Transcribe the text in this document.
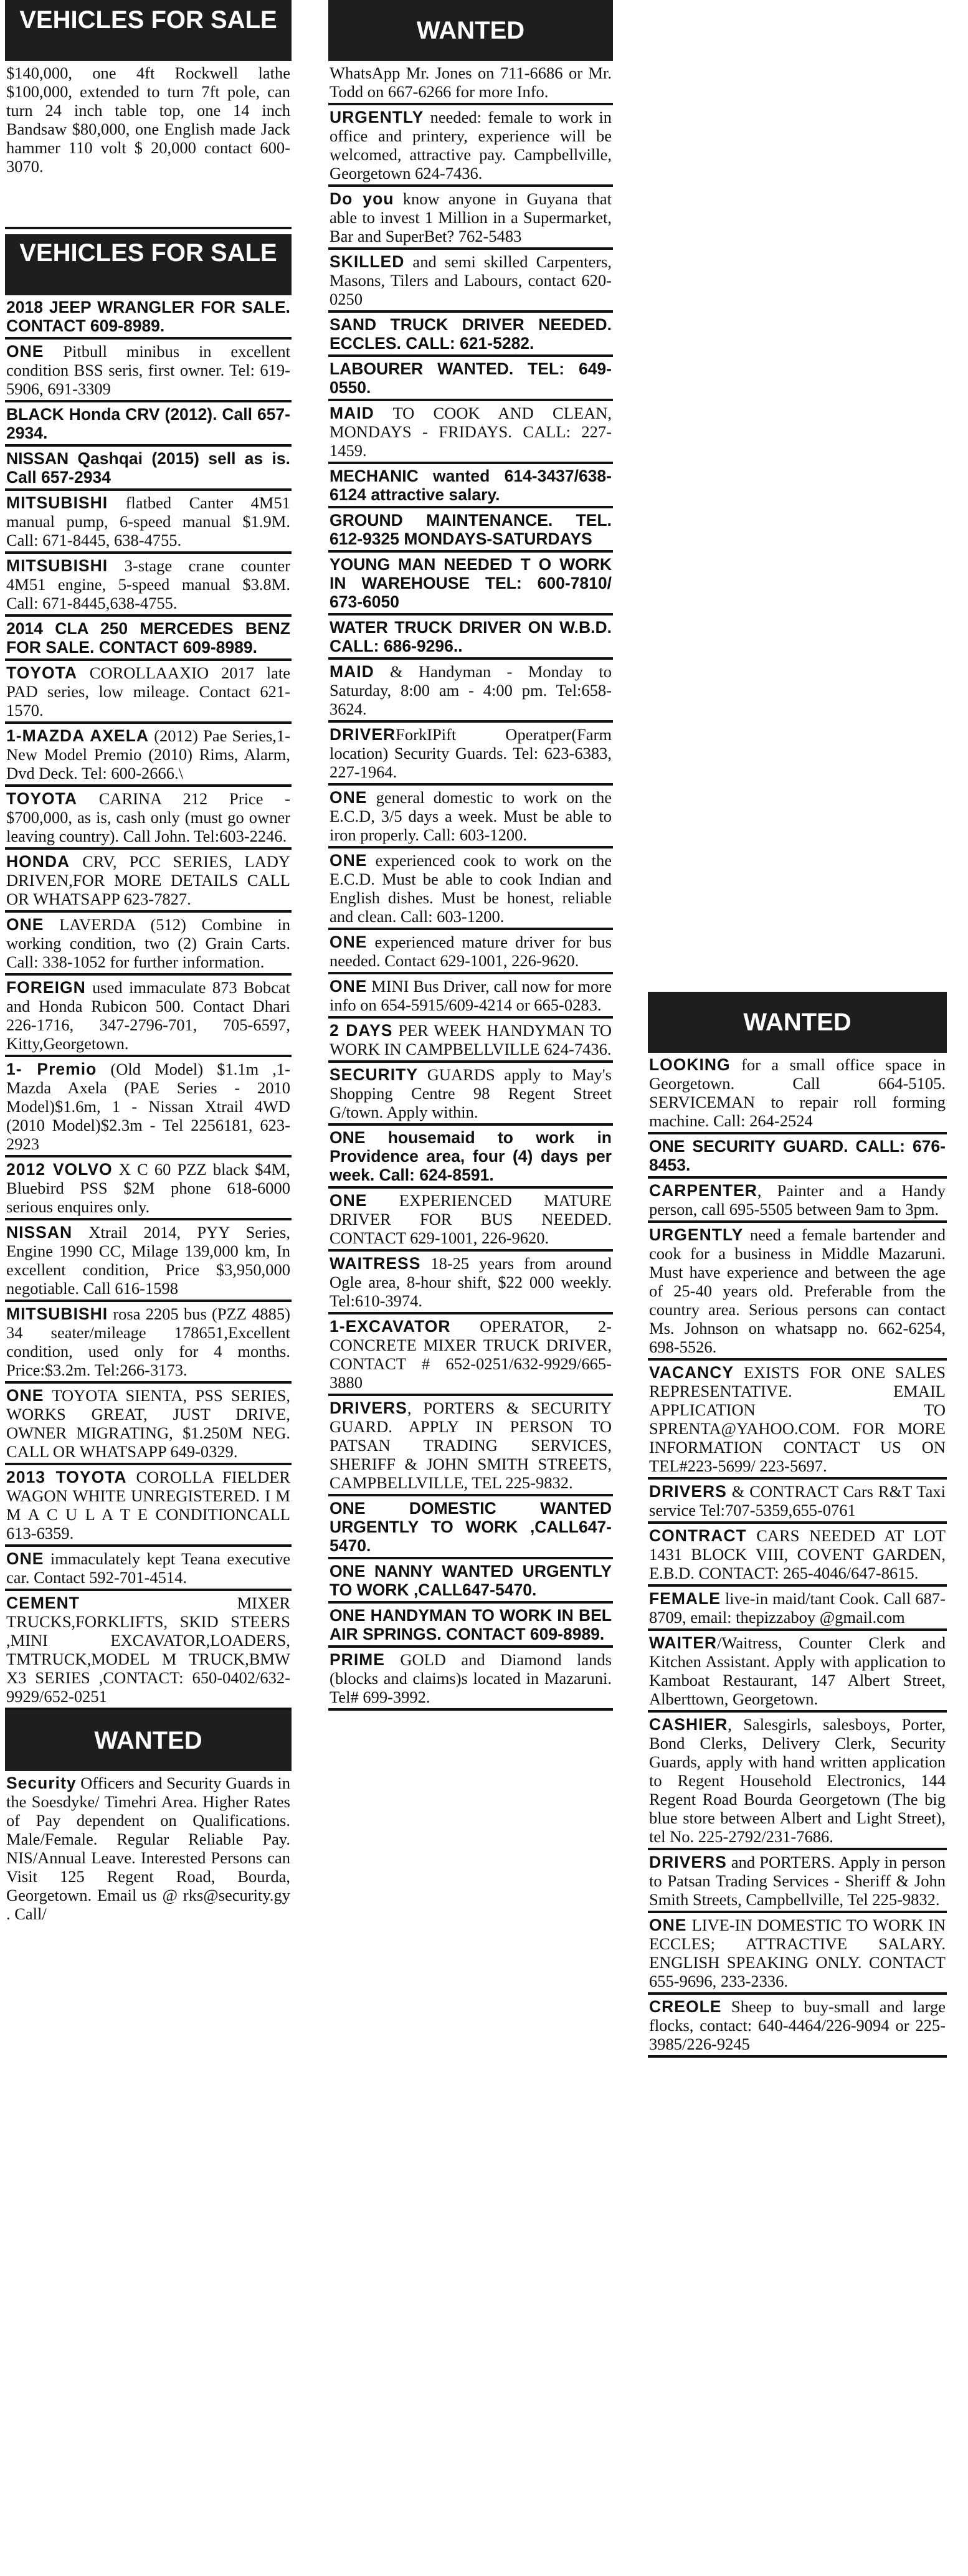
VEHICLES FOR SALE
$140,000, one 4ft Rockwell lathe $100,000, extended to turn 7ft pole, can turn 24 inch table top, one 14 inch Bandsaw $80,000, one English made Jack hammer 110 volt $ 20,000 contact 600-3070.
VEHICLES FOR SALE
2018 JEEP WRANGLER FOR SALE. CONTACT 609-8989.
ONE Pitbull minibus in excellent condition BSS seris, first owner. Tel: 619-5906, 691-3309
BLACK Honda CRV (2012). Call 657-2934.
NISSAN Qashqai (2015) sell as is. Call 657-2934
MITSUBISHI flatbed Canter 4M51 manual pump, 6-speed manual $1.9M. Call: 671-8445, 638-4755.
MITSUBISHI 3-stage crane counter 4M51 engine, 5-speed manual $3.8M. Call: 671-8445,638-4755.
2014 CLA 250 MERCEDES BENZ FOR SALE. CONTACT 609-8989.
TOYOTA COROLLAAXIO 2017 late PAD series, low mileage. Contact 621-1570.
1-MAZDA AXELA (2012) Pae Series,1- New Model Premio (2010) Rims, Alarm, Dvd Deck. Tel: 600-2666.\
TOYOTA CARINA 212 Price - $700,000, as is, cash only (must go owner leaving country). Call John. Tel:603-2246.
HONDA CRV, PCC SERIES, LADY DRIVEN,FOR MORE DETAILS CALL OR WHATSAPP 623-7827.
ONE LAVERDA (512) Combine in working condition, two (2) Grain Carts. Call: 338-1052 for further information.
FOREIGN used immaculate 873 Bobcat and Honda Rubicon 500. Contact Dhari 226-1716, 347-2796-701, 705-6597, Kitty,Georgetown.
1- Premio (Old Model) $1.1m ,1- Mazda Axela (PAE Series - 2010 Model)$1.6m, 1 - Nissan Xtrail 4WD (2010 Model)$2.3m - Tel 2256181, 623- 2923
2012 VOLVO X C 60 PZZ black $4M, Bluebird PSS $2M phone 618-6000 serious enquires only.
NISSAN Xtrail 2014, PYY Series, Engine 1990 CC, Milage 139,000 km, In excellent condition, Price $3,950,000 negotiable. Call 616-1598
MITSUBISHI rosa 2205 bus (PZZ 4885) 34 seater/mileage 178651,Excellent condition, used only for 4 months. Price:$3.2m. Tel:266-3173.
ONE TOYOTA SIENTA, PSS SERIES, WORKS GREAT, JUST DRIVE, OWNER MIGRATING, $1.250M NEG. CALL OR WHATSAPP 649-0329.
2013 TOYOTA COROLLA FIELDER WAGON WHITE UNREGISTERED. I M M A C U L A T E CONDITIONCALL 613-6359.
ONE immaculately kept Teana executive car. Contact 592-701-4514.
CEMENT MIXER TRUCKS,FORKLIFTS, SKID STEERS ,MINI EXCAVATOR,LOADERS, TMTRUCK,MODEL M TRUCK,BMW X3 SERIES ,CONTACT: 650-0402/632-9929/652-0251
WANTED
Security Officers and Security Guards in the Soesdyke/ Timehri Area. Higher Rates of Pay dependent on Qualifications. Male/Female. Regular Reliable Pay. NIS/Annual Leave. Interested Persons can Visit 125 Regent Road, Bourda, Georgetown. Email us @ rks@security.gy . Call/
WANTED
WhatsApp Mr. Jones on 711-6686 or Mr. Todd on 667-6266 for more Info.
URGENTLY needed: female to work in office and printery, experience will be welcomed, attractive pay. Campbellville, Georgetown 624-7436.
Do you know anyone in Guyana that able to invest 1 Million in a Supermarket, Bar and SuperBet? 762-5483
SKILLED and semi skilled Carpenters, Masons, Tilers and Labours, contact 620-0250
SAND TRUCK DRIVER NEEDED. ECCLES. CALL: 621-5282.
LABOURER WANTED. TEL: 649-0550.
MAID TO COOK AND CLEAN, MONDAYS - FRIDAYS. CALL: 227-1459.
MECHANIC wanted 614-3437/638-6124 attractive salary.
GROUND MAINTENANCE. TEL. 612-9325 MONDAYS-SATURDAYS
YOUNG MAN NEEDED T O WORK IN WAREHOUSE TEL: 600-7810/ 673-6050
WATER TRUCK DRIVER ON W.B.D. CALL: 686-9296..
MAID & Handyman - Monday to Saturday, 8:00 am - 4:00 pm. Tel:658-3624.
DRIVERForkIPift Operatper(Farm location) Security Guards. Tel: 623-6383, 227-1964.
ONE general domestic to work on the E.C.D, 3/5 days a week. Must be able to iron properly. Call: 603-1200.
ONE experienced cook to work on the E.C.D. Must be able to cook Indian and English dishes. Must be honest, reliable and clean. Call: 603-1200.
ONE experienced mature driver for bus needed. Contact 629-1001, 226-9620.
ONE MINI Bus Driver, call now for more info on 654-5915/609-4214 or 665-0283.
2 DAYS PER WEEK HANDYMAN TO WORK IN CAMPBELLVILLE 624-7436.
SECURITY GUARDS apply to May's Shopping Centre 98 Regent Street G/town. Apply within.
ONE housemaid to work in Providence area, four (4) days per week. Call: 624-8591.
ONE EXPERIENCED MATURE DRIVER FOR BUS NEEDED. CONTACT 629-1001, 226-9620.
WAITRESS 18-25 years from around Ogle area, 8-hour shift, $22 000 weekly. Tel:610-3974.
1-EXCAVATOR OPERATOR, 2- CONCRETE MIXER TRUCK DRIVER, CONTACT # 652-0251/632-9929/665-3880
DRIVERS, PORTERS & SECURITY GUARD. APPLY IN PERSON TO PATSAN TRADING SERVICES, SHERIFF & JOHN SMITH STREETS, CAMPBELLVILLE, TEL 225-9832.
ONE DOMESTIC WANTED URGENTLY TO WORK ,CALL647-5470.
ONE NANNY WANTED URGENTLY TO WORK ,CALL647-5470.
ONE HANDYMAN TO WORK IN BEL AIR SPRINGS. CONTACT 609-8989.
PRIME GOLD and Diamond lands (blocks and claims)s located in Mazaruni. Tel# 699-3992.
WANTED
LOOKING for a small office space in Georgetown. Call 664-5105. SERVICEMAN to repair roll forming machine. Call: 264-2524
ONE SECURITY GUARD. CALL: 676-8453.
CARPENTER, Painter and a Handy person, call 695-5505 between 9am to 3pm.
URGENTLY need a female bartender and cook for a business in Middle Mazaruni. Must have experience and between the age of 25-40 years old. Preferable from the country area. Serious persons can contact Ms. Johnson on whatsapp no. 662-6254, 698-5526.
VACANCY EXISTS FOR ONE SALES REPRESENTATIVE. EMAIL APPLICATION TO SPRENTA@YAHOO.COM. FOR MORE INFORMATION CONTACT US ON TEL#223-5699/ 223-5697.
DRIVERS & CONTRACT Cars R&T Taxi service Tel:707-5359,655-0761
CONTRACT CARS NEEDED AT LOT 1431 BLOCK VIII, COVENT GARDEN, E.B.D. CONTACT: 265-4046/647-8615.
FEMALE live-in maid/tant Cook. Call 687-8709, email: thepizzaboy @gmail.com
WAITER/Waitress, Counter Clerk and Kitchen Assistant. Apply with application to Kamboat Restaurant, 147 Albert Street, Alberttown, Georgetown.
CASHIER, Salesgirls, salesboys, Porter, Bond Clerks, Delivery Clerk, Security Guards, apply with hand written application to Regent Household Electronics, 144 Regent Road Bourda Georgetown (The big blue store between Albert and Light Street), tel No. 225-2792/231-7686.
DRIVERS and PORTERS. Apply in person to Patsan Trading Services - Sheriff & John Smith Streets, Campbellville, Tel 225-9832.
ONE LIVE-IN DOMESTIC TO WORK IN ECCLES; ATTRACTIVE SALARY. ENGLISH SPEAKING ONLY. CONTACT 655-9696, 233-2336.
CREOLE Sheep to buy-small and large flocks, contact: 640-4464/226-9094 or 225-3985/226-9245
